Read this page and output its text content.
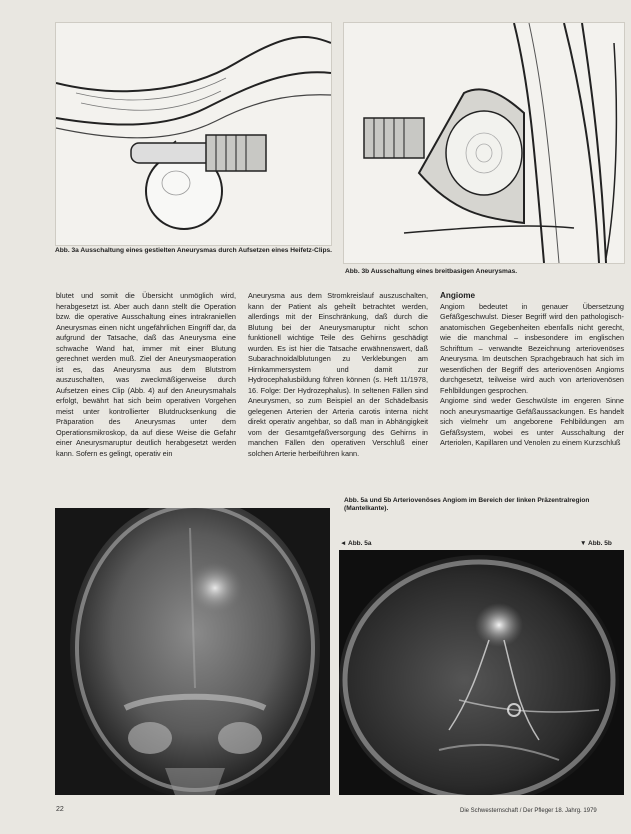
Abb. 3a Ausschaltung eines gestielten Aneurysmas durch Aufsetzen eines Heifetz-Clips.
Abb. 3b Ausschaltung eines breitbasigen Aneurysmas.

blutet und somit die Übersicht unmöglich wird, herabgesetzt ist. Aber auch dann stellt die Operation bzw. die operative Ausschaltung eines intrakraniellen Aneurysmas einen nicht ungefährlichen Eingriff dar, da aufgrund der Tatsache, daß das Aneurysma eine schwache Wand hat, immer mit einer Blutung gerechnet werden muß. Ziel der Aneurysmaoperation ist es, das Aneurysma aus dem Blutstrom auszuschalten, was zweckmäßigerweise durch Aufsetzen eines Clip (Abb. 4) auf den Aneurysmahals erfolgt, bewährt hat sich beim operativen Vorgehen meist unter kontrollierter Blutdrucksenkung die Präparation des Aneurysmas unter dem Operationsmikroskop, da auf diese Weise die Gefahr einer Aneurysmaruptur deutlich herabgesetzt werden kann. Sofern es gelingt, operativ ein

Aneurysma aus dem Stromkreislauf auszuschalten, kann der Patient als geheilt betrachtet werden, allerdings mit der Einschränkung, daß durch die Blutung bei der Aneurysmaruptur nicht schon funktionell wichtige Teile des Gehirns geschädigt wurden. Es ist hier die Tatsache erwähnenswert, daß Subarachnoidalblutungen zu Verklebungen am Hirnkammersystem und damit zur Hydrocephalusbildung führen können (s. Heft 11/1978, 16. Folge: Der Hydrozephalus). In seltenen Fällen sind Aneurysmen, so zum Beispiel an der Schädelbasis gelegenen Arterien der Arteria carotis interna nicht direkt operativ angehbar, so daß man in Abhängigkeit vom der Gesamtgefäßversorgung des Gehirns in manchen Fällen den operativen Verschluß einer solchen Arterie herbeiführen kann.

Angiome

Angiom bedeutet in genauer Übersetzung Gefäßgeschwulst. Dieser Begriff wird den pathologisch-anatomischen Gegebenheiten ebenfalls nicht gerecht, wie die manchmal – insbesondere im englischen Schrifttum – verwandte Bezeichnung arteriovenöses Aneurysma. Im deutschen Sprachgebrauch hat sich im wesentlichen der Begriff des arteriovenösen Angioms durchgesetzt, teilweise wird auch von arteriovenösen Fehlbildungen gesprochen.

Angiome sind weder Geschwülste im engeren Sinne noch aneurysmaartige Gefäßaussackungen. Es handelt sich vielmehr um angeborene Fehlbildungen am Gefäßsystem, wobei es unter Ausschaltung der Arteriolen, Kapillaren und Venolen zu einem Kurzschluß

Abb. 5a und 5b Arteriovenöses Angiom im Bereich der linken Präzentralregion (Mantelkante).
◄ Abb. 5a	▼ Abb. 5b
22	Die Schwesternschaft / Der Pfleger 18. Jahrg. 1979
